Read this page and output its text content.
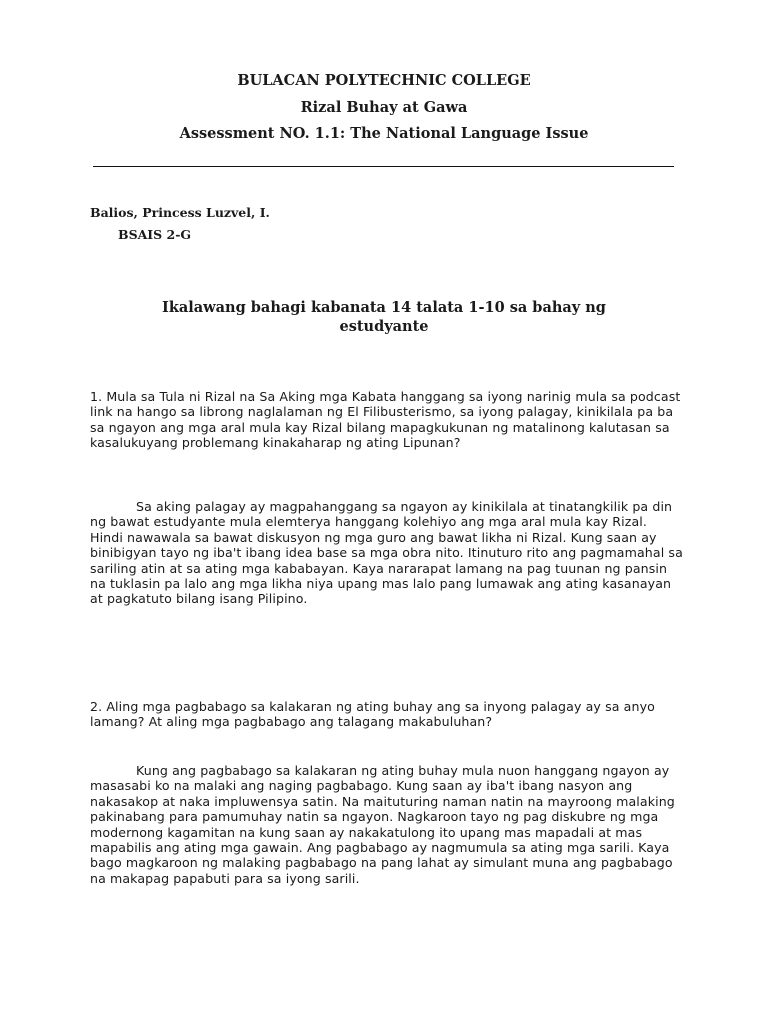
BULACAN POLYTECHNIC COLLEGE
Rizal Buhay at Gawa
Assessment NO. 1.1: The National Language Issue
Balios, Princess Luzvel, I.
BSAIS 2-G
Ikalawang bahagi kabanata 14 talata 1-10 sa bahay ng estudyante
1. Mula sa Tula ni Rizal na Sa Aking mga Kabata hanggang sa iyong narinig mula sa podcast link na hango sa librong naglalaman ng El Filibusterismo, sa iyong palagay, kinikilala pa ba sa ngayon ang mga aral mula kay Rizal bilang mapagkukunan ng matalinong kalutasan sa kasalukuyang problemang kinakaharap ng ating Lipunan?
Sa aking palagay ay magpahanggang sa ngayon ay kinikilala at tinatangkilik pa din ng bawat estudyante mula elemterya hanggang kolehiyo ang mga aral mula kay Rizal. Hindi nawawala sa bawat diskusyon ng mga guro ang bawat likha ni Rizal. Kung saan ay binibigyan tayo ng iba't ibang idea base sa mga obra nito. Itinuturo rito ang pagmamahal sa sariling atin at sa ating mga kababayan. Kaya nararapat lamang na pag tuunan ng pansin na tuklasin pa lalo ang mga likha niya upang mas lalo pang lumawak ang ating kasanayan at pagkatuto bilang isang Pilipino.
2. Aling mga pagbabago sa kalakaran ng ating buhay ang sa inyong palagay ay sa anyo lamang? At aling mga pagbabago ang talagang makabuluhan?
Kung ang pagbabago sa kalakaran ng ating buhay mula nuon hanggang ngayon ay masasabi ko na malaki ang naging pagbabago. Kung saan ay iba't ibang nasyon ang nakasakop at naka impluwensya satin. Na maituturing naman natin na mayroong malaking pakinabang para pamumuhay natin sa ngayon. Nagkaroon tayo ng pag diskubre ng mga modernong kagamitan na kung saan ay nakakatulong ito upang mas mapadali at mas mapabilis ang ating mga gawain. Ang pagbabago ay nagmumula sa ating mga sarili. Kaya bago magkaroon ng malaking pagbabago na pang lahat ay simulant muna ang pagbabago na makapag papabuti para sa iyong sarili.
